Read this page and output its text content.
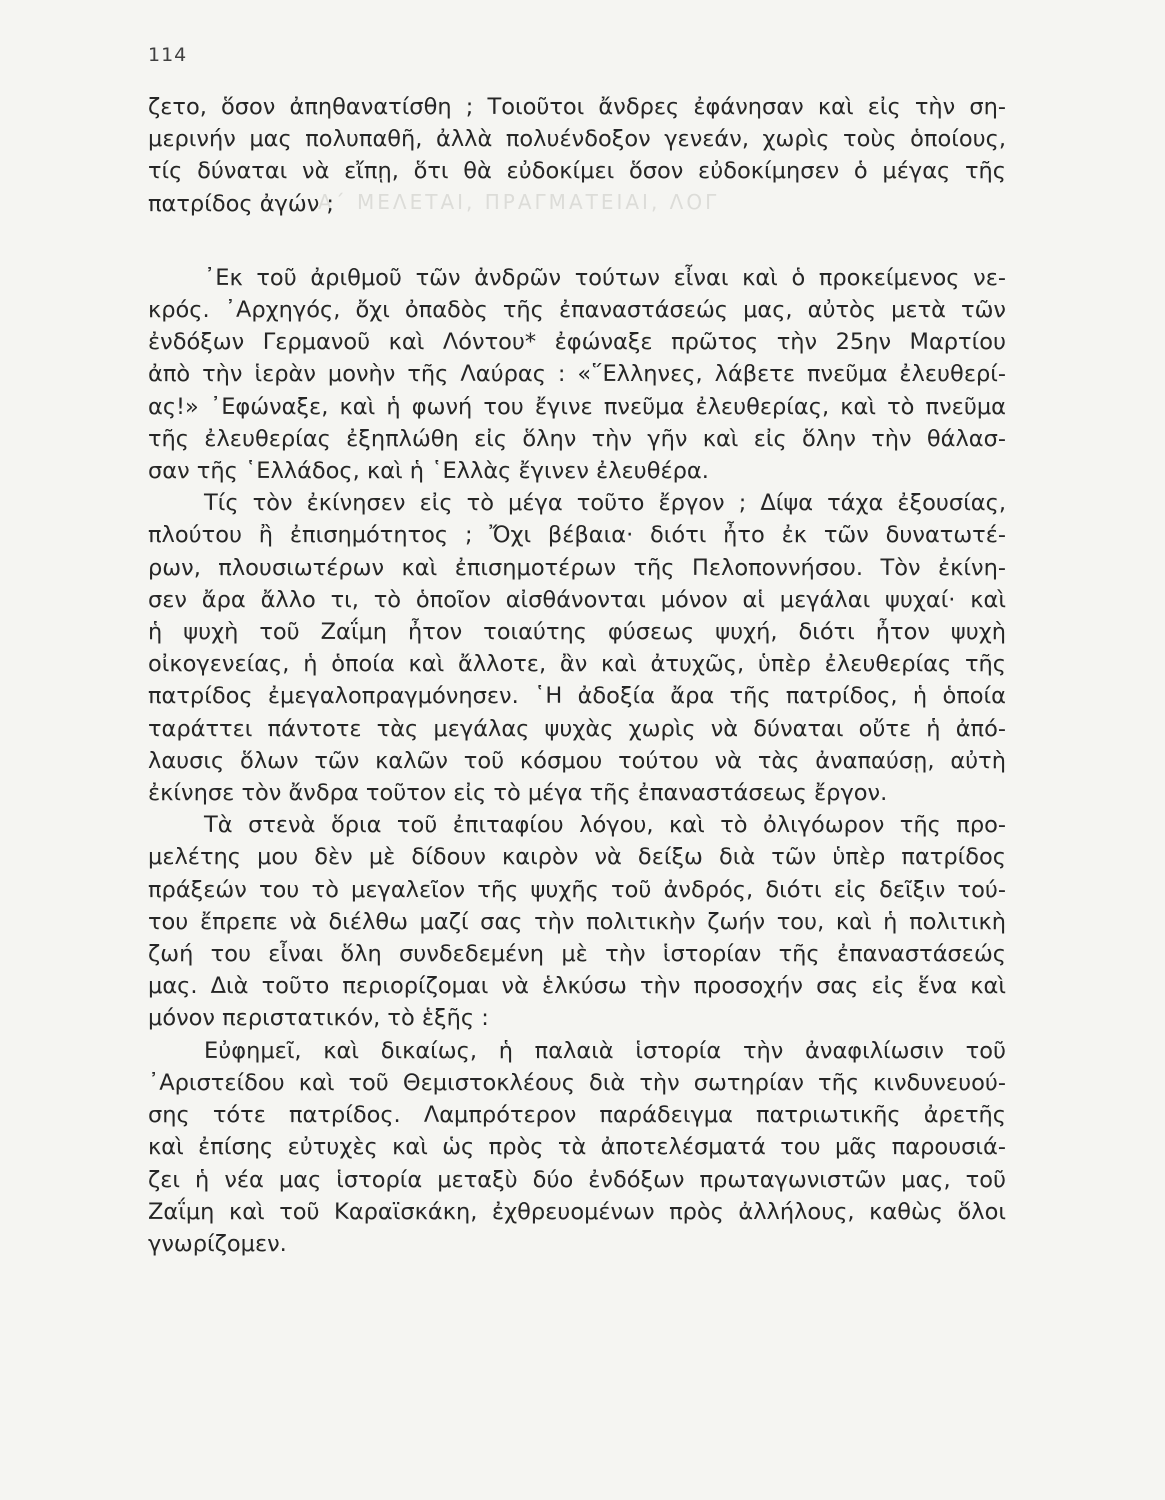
Α΄ ΜΕΛΕΤΑΙ, ΠΡΑΓΜΑΤΕΙΑΙ, ΛΟΓ
114
ζετο, ὅσον ἀπηθανατίσθη ; Τοιοῦτοι ἄνδρες ἐφάνησαν καὶ εἰς τὴν ση-
μερινήν μας πολυπαθῆ, ἀλλὰ πολυένδοξον γενεάν, χωρὶς τοὺς ὁποίους,
τίς δύναται νὰ εἴπῃ, ὅτι θὰ εὐδοκίμει ὅσον εὐδοκίμησεν ὁ μέγας τῆς
πατρίδος ἀγών ;
᾿Εκ τοῦ ἀριθμοῦ τῶν ἀνδρῶν τούτων εἶναι καὶ ὁ προκείμενος νε-
κρός. ᾿Αρχηγός, ὄχι ὀπαδὸς τῆς ἐπαναστάσεώς μας, αὐτὸς μετὰ τῶν
ἐνδόξων Γερμανοῦ καὶ Λόντου* ἐφώναξε πρῶτος τὴν 25ην Μαρτίου
ἀπὸ τὴν ἱερὰν μονὴν τῆς Λαύρας : «῞Ελληνες, λάβετε πνεῦμα ἐλευθερί-
ας!» ᾿Εφώναξε, καὶ ἡ φωνή του ἔγινε πνεῦμα ἐλευθερίας, καὶ τὸ πνεῦμα
τῆς ἐλευθερίας ἐξηπλώθη εἰς ὅλην τὴν γῆν καὶ εἰς ὅλην τὴν θάλασ-
σαν τῆς ῾Ελλάδος, καὶ ἡ ῾Ελλὰς ἔγινεν ἐλευθέρα.
Τίς τὸν ἐκίνησεν εἰς τὸ μέγα τοῦτο ἔργον ; Δίψα τάχα ἐξουσίας,
πλούτου ἢ ἐπισημότητος ; Ὄχι βέβαια· διότι ἦτο ἐκ τῶν δυνατωτέ-
ρων, πλουσιωτέρων καὶ ἐπισημοτέρων τῆς Πελοποννήσου. Τὸν ἐκίνη-
σεν ἄρα ἄλλο τι, τὸ ὁποῖον αἰσθάνονται μόνον αἱ μεγάλαι ψυχαί· καὶ
ἡ ψυχὴ τοῦ Ζαΐμη ἦτον τοιαύτης φύσεως ψυχή, διότι ἦτον ψυχὴ
οἰκογενείας, ἡ ὁποία καὶ ἄλλοτε, ἂν καὶ ἀτυχῶς, ὑπὲρ ἐλευθερίας τῆς
πατρίδος ἐμεγαλοπραγμόνησεν. ῾Η ἀδοξία ἄρα τῆς πατρίδος, ἡ ὁποία
ταράττει πάντοτε τὰς μεγάλας ψυχὰς χωρὶς νὰ δύναται οὔτε ἡ ἀπό-
λαυσις ὅλων τῶν καλῶν τοῦ κόσμου τούτου νὰ τὰς ἀναπαύσῃ, αὐτὴ
ἐκίνησε τὸν ἄνδρα τοῦτον εἰς τὸ μέγα τῆς ἐπαναστάσεως ἔργον.
Τὰ στενὰ ὅρια τοῦ ἐπιταφίου λόγου, καὶ τὸ ὀλιγόωρον τῆς προ-
μελέτης μου δὲν μὲ δίδουν καιρὸν νὰ δείξω διὰ τῶν ὑπὲρ πατρίδος
πράξεών του τὸ μεγαλεῖον τῆς ψυχῆς τοῦ ἀνδρός, διότι εἰς δεῖξιν τού-
του ἔπρεπε νὰ διέλθω μαζί σας τὴν πολιτικὴν ζωήν του, καὶ ἡ πολιτικὴ
ζωή του εἶναι ὅλη συνδεδεμένη μὲ τὴν ἱστορίαν τῆς ἐπαναστάσεώς
μας. Διὰ τοῦτο περιορίζομαι νὰ ἑλκύσω τὴν προσοχήν σας εἰς ἕνα καὶ
μόνον περιστατικόν, τὸ ἑξῆς :
Εὐφημεῖ, καὶ δικαίως, ἡ παλαιὰ ἱστορία τὴν ἀναφιλίωσιν τοῦ
᾿Αριστείδου καὶ τοῦ Θεμιστοκλέους διὰ τὴν σωτηρίαν τῆς κινδυνευού-
σης τότε πατρίδος. Λαμπρότερον παράδειγμα πατριωτικῆς ἀρετῆς
καὶ ἐπίσης εὐτυχὲς καὶ ὡς πρὸς τὰ ἀποτελέσματά του μᾶς παρουσιά-
ζει ἡ νέα μας ἱστορία μεταξὺ δύο ἐνδόξων πρωταγωνιστῶν μας, τοῦ
Ζαΐμη καὶ τοῦ Καραϊσκάκη, ἐχθρευομένων πρὸς ἀλλήλους, καθὼς ὅλοι
γνωρίζομεν.
